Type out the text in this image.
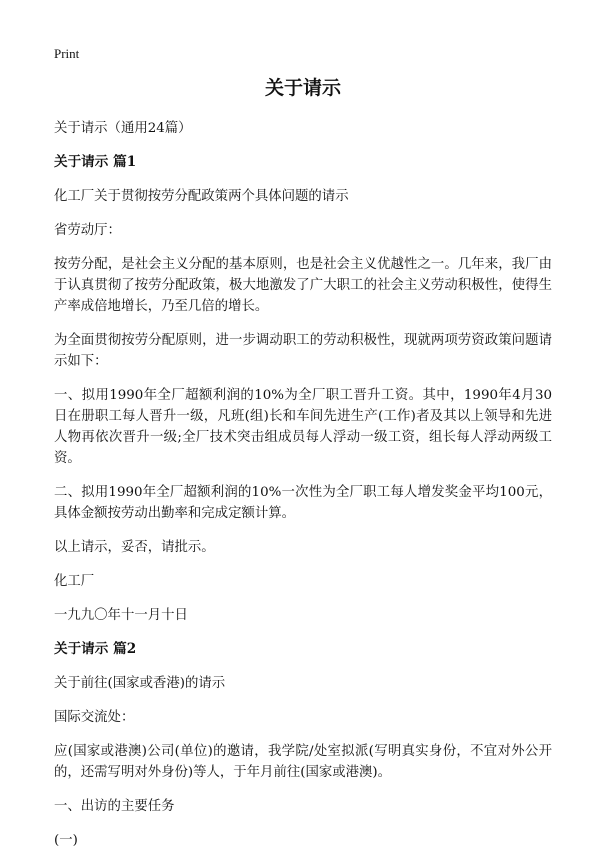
Print
关于请示
关于请示（通用24篇）
关于请示 篇1
化工厂关于贯彻按劳分配政策两个具体问题的请示
省劳动厅：
按劳分配，是社会主义分配的基本原则，也是社会主义优越性之一。几年来，我厂由于认真贯彻了按劳分配政策，极大地激发了广大职工的社会主义劳动积极性，使得生产率成倍地增长，乃至几倍的增长。
为全面贯彻按劳分配原则，进一步调动职工的劳动积极性，现就两项劳资政策问题请示如下：
一、拟用1990年全厂超额利润的10%为全厂职工晋升工资。其中，1990年4月30日在册职工每人晋升一级，凡班(组)长和车间先进生产(工作)者及其以上领导和先进人物再依次晋升一级;全厂技术突击组成员每人浮动一级工资，组长每人浮动两级工资。
二、拟用1990年全厂超额利润的10%一次性为全厂职工每人增发奖金平均100元，具体金额按劳动出勤率和完成定额计算。
以上请示，妥否，请批示。
化工厂
一九九〇年十一月十日
关于请示 篇2
关于前往(国家或香港)的请示
国际交流处：
应(国家或港澳)公司(单位)的邀请，我学院/处室拟派(写明真实身份，不宜对外公开的，还需写明对外身份)等人，于年月前往(国家或港澳)。
一、出访的主要任务
(一)
